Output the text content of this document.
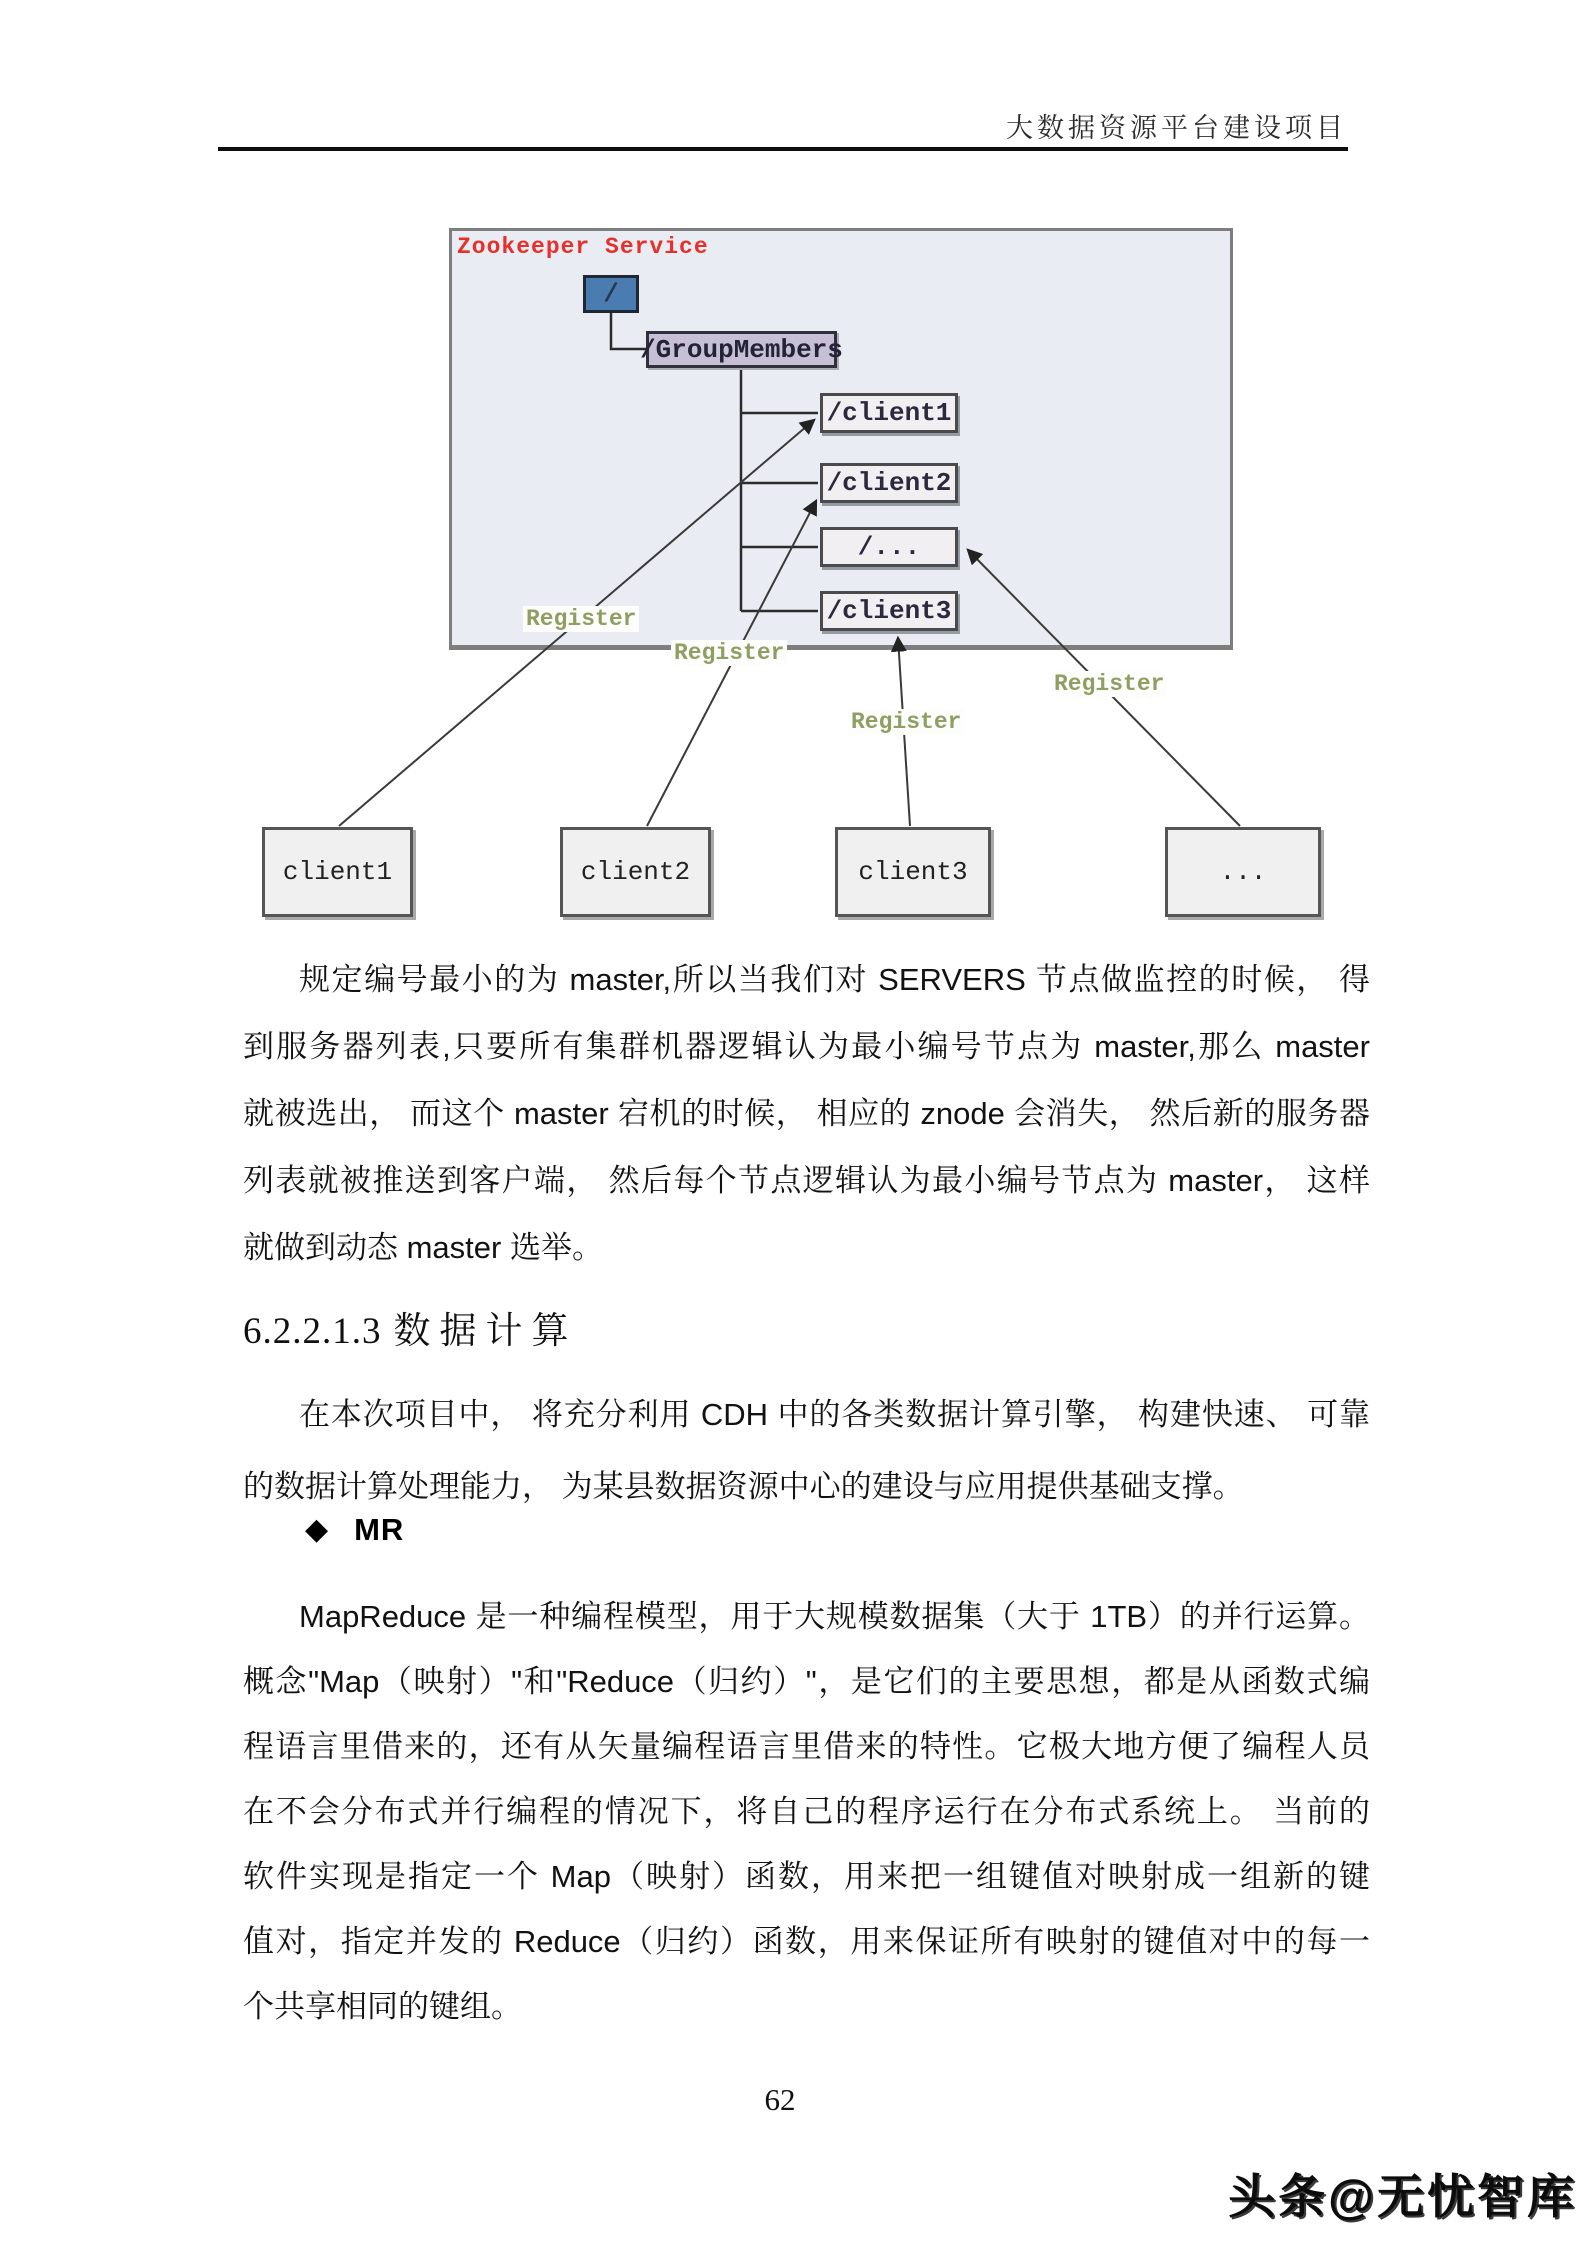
大数据资源平台建设项目
Zookeeper Service
/
/GroupMembers
/client1
/client2
/...
/client3
Register
Register
Register
Register
client1	client2	client3	...
规定编号最小的为 master,所以当我们对 SERVERS 节点做监控的时候， 得
到服务器列表,只要所有集群机器逻辑认为最小编号节点为 master,那么 master
就被选出， 而这个 master 宕机的时候， 相应的 znode 会消失， 然后新的服务器
列表就被推送到客户端， 然后每个节点逻辑认为最小编号节点为 master， 这样
就做到动态 master 选举。
6.2.2.1.3 数据计算
在本次项目中， 将充分利用 CDH 中的各类数据计算引擎， 构建快速、 可靠
的数据计算处理能力， 为某县数据资源中心的建设与应用提供基础支撑。
◆ MR
MapReduce 是一种编程模型，用于大规模数据集（大于 1TB）的并行运算。
概念"Map（映射）"和"Reduce（归约）"，是它们的主要思想，都是从函数式编
程语言里借来的，还有从矢量编程语言里借来的特性。它极大地方便了编程人员
在不会分布式并行编程的情况下，将自己的程序运行在分布式系统上。 当前的
软件实现是指定一个 Map（映射）函数，用来把一组键值对映射成一组新的键
值对，指定并发的 Reduce（归约）函数，用来保证所有映射的键值对中的每一
个共享相同的键组。
62
头条@无忧智库
